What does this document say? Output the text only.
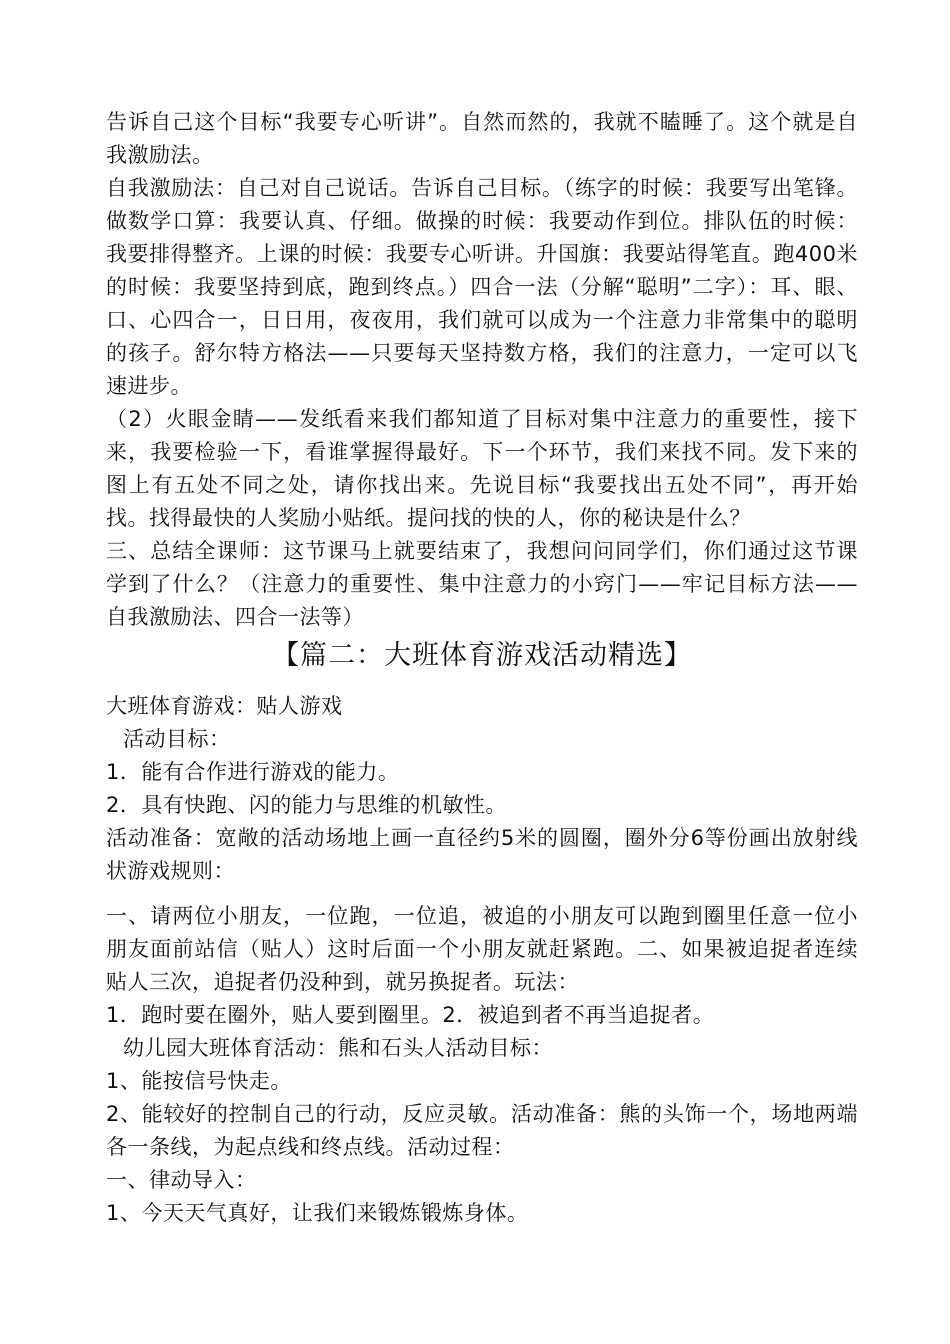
告诉自己这个目标“我要专心听讲”。自然而然的，我就不瞌睡了。这个就是自我激励法。

自我激励法：自己对自己说话。告诉自己目标。（练字的时候：我要写出笔锋。做数学口算：我要认真、仔细。做操的时候：我要动作到位。排队伍的时候：我要排得整齐。上课的时候：我要专心听讲。升国旗：我要站得笔直。跑400米的时候：我要坚持到底，跑到终点。）四合一法（分解“聪明”二字）：耳、眼、口、心四合一，日日用，夜夜用，我们就可以成为一个注意力非常集中的聪明的孩子。舒尔特方格法——只要每天坚持数方格，我们的注意力，一定可以飞速进步。

（2）火眼金睛——发纸看来我们都知道了目标对集中注意力的重要性，接下来，我要检验一下，看谁掌握得最好。下一个环节，我们来找不同。发下来的图上有五处不同之处，请你找出来。先说目标“我要找出五处不同”，再开始找。找得最快的人奖励小贴纸。提问找的快的人，你的秘诀是什么？

三、总结全课师：这节课马上就要结束了，我想问问同学们，你们通过这节课学到了什么？（注意力的重要性、集中注意力的小窍门——牢记目标方法——自我激励法、四合一法等）

【篇二：大班体育游戏活动精选】

大班体育游戏：贴人游戏

活动目标：

1．能有合作进行游戏的能力。

2．具有快跑、闪的能力与思维的机敏性。

活动准备：宽敞的活动场地上画一直径约5米的圆圈，圈外分6等份画出放射线状游戏规则：

一、请两位小朋友，一位跑，一位追，被追的小朋友可以跑到圈里任意一位小朋友面前站信（贴人）这时后面一个小朋友就赶紧跑。二、如果被追捉者连续贴人三次，追捉者仍没种到，就另换捉者。玩法：

1．跑时要在圈外，贴人要到圈里。2．被追到者不再当追捉者。

幼儿园大班体育活动：熊和石头人活动目标：

1、能按信号快走。

2、能较好的控制自己的行动，反应灵敏。活动准备：熊的头饰一个，场地两端各一条线，为起点线和终点线。活动过程：

一、律动导入：

1、今天天气真好，让我们来锻炼锻炼身体。
